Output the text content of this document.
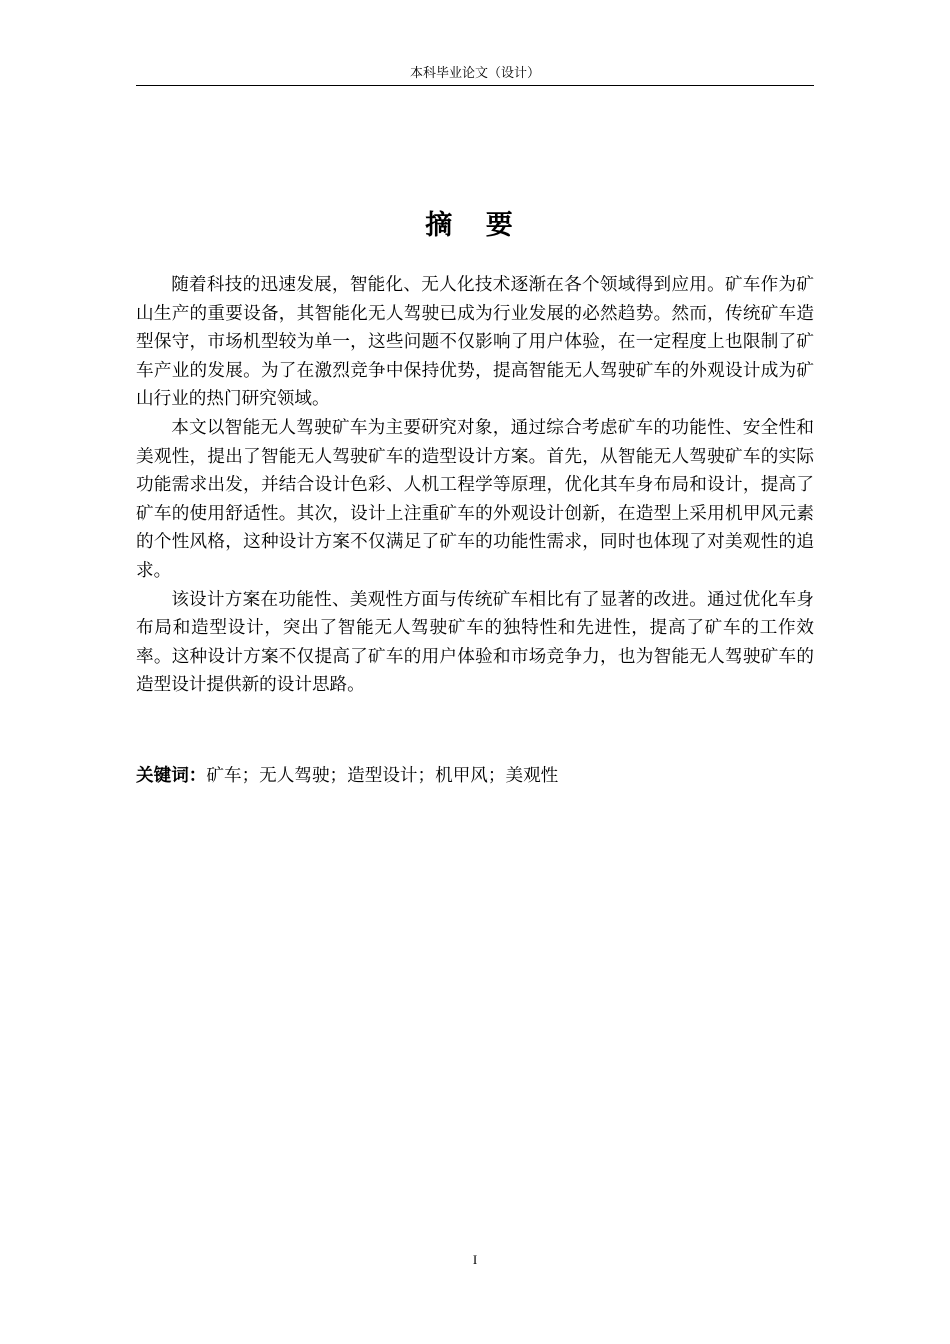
本科毕业论文（设计）
摘 要

随着科技的迅速发展，智能化、无人化技术逐渐在各个领域得到应用。矿车作为矿山生产的重要设备，其智能化无人驾驶已成为行业发展的必然趋势。然而，传统矿车造型保守，市场机型较为单一，这些问题不仅影响了用户体验，在一定程度上也限制了矿车产业的发展。为了在激烈竞争中保持优势，提高智能无人驾驶矿车的外观设计成为矿山行业的热门研究领域。

本文以智能无人驾驶矿车为主要研究对象，通过综合考虑矿车的功能性、安全性和美观性，提出了智能无人驾驶矿车的造型设计方案。首先，从智能无人驾驶矿车的实际功能需求出发，并结合设计色彩、人机工程学等原理，优化其车身布局和设计，提高了矿车的使用舒适性。其次，设计上注重矿车的外观设计创新，在造型上采用机甲风元素的个性风格，这种设计方案不仅满足了矿车的功能性需求，同时也体现了对美观性的追求。

该设计方案在功能性、美观性方面与传统矿车相比有了显著的改进。通过优化车身布局和造型设计，突出了智能无人驾驶矿车的独特性和先进性，提高了矿车的工作效率。这种设计方案不仅提高了矿车的用户体验和市场竞争力，也为智能无人驾驶矿车的造型设计提供新的设计思路。

关键词：矿车；无人驾驶；造型设计；机甲风；美观性
I
